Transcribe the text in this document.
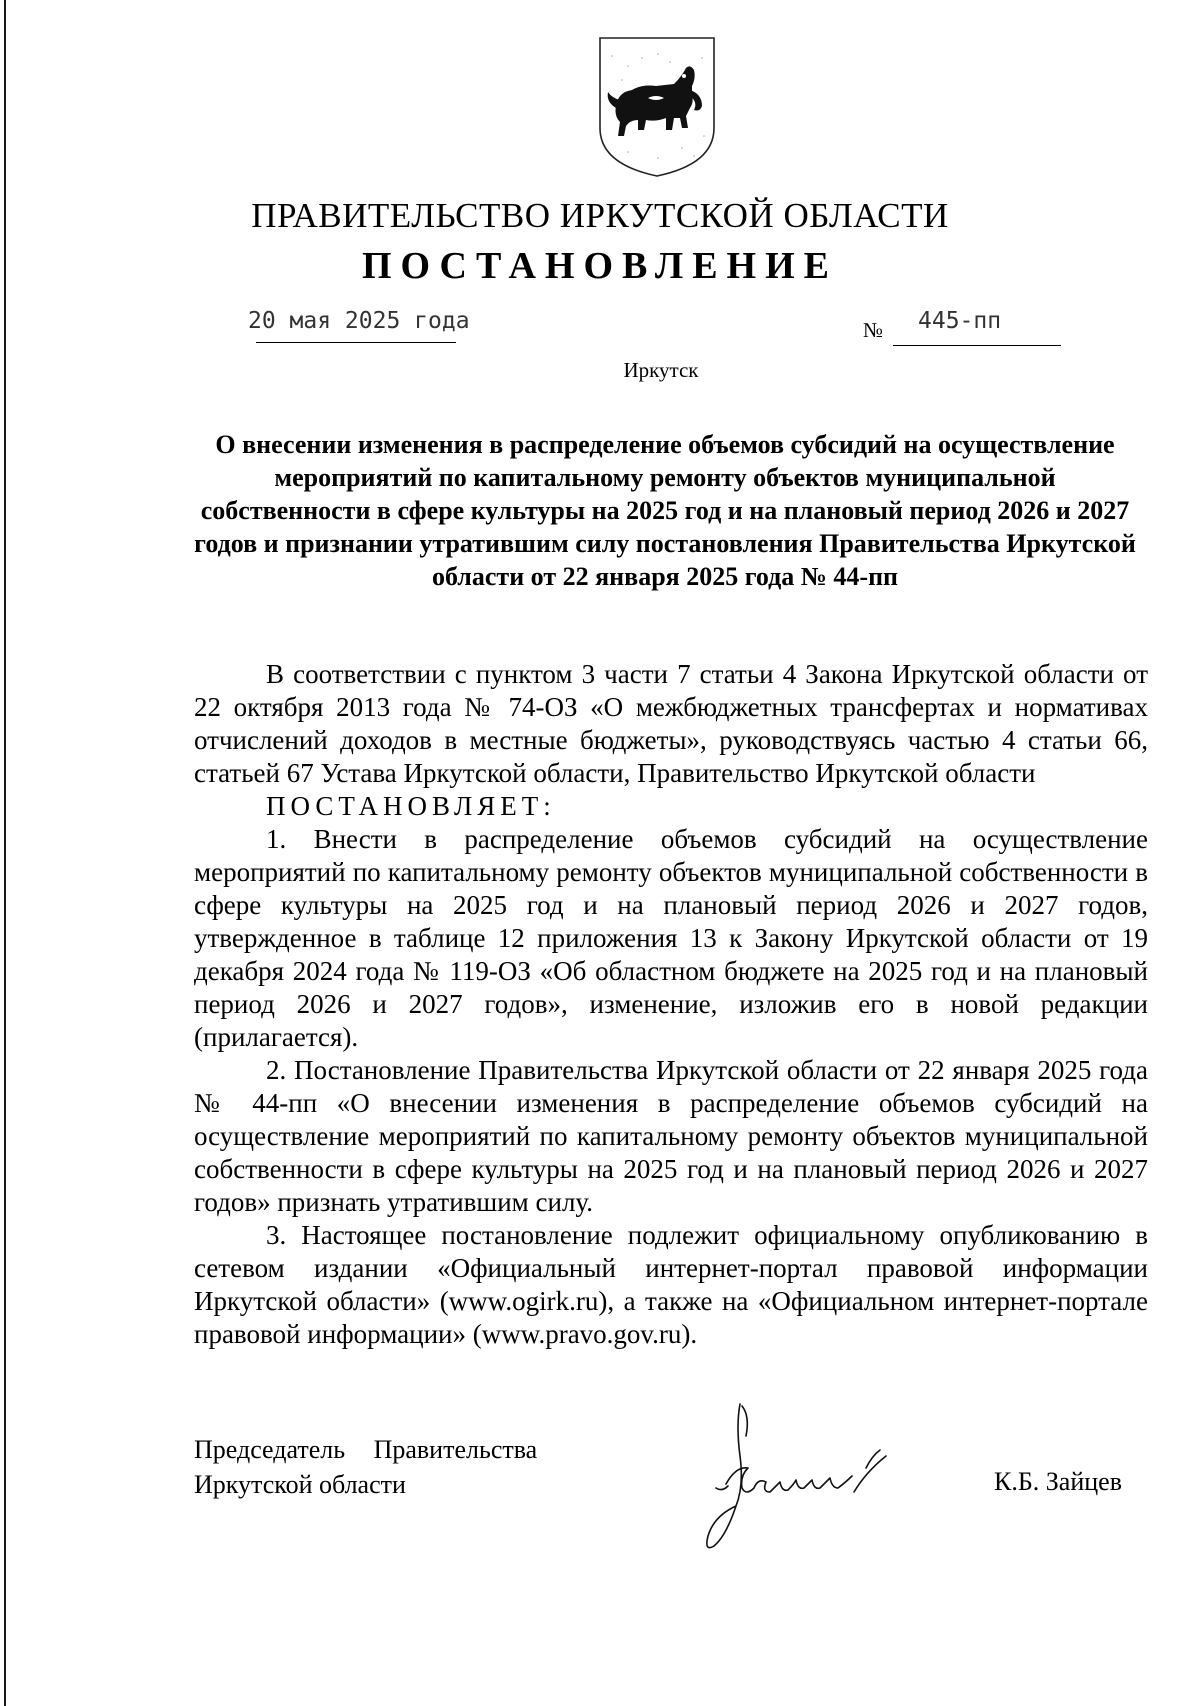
ПРАВИТЕЛЬСТВО ИРКУТСКОЙ ОБЛАСТИ
ПОСТАНОВЛЕНИЕ
20 мая 2025 года	№ 445-пп
Иркутск
О внесении изменения в распределение объемов субсидий на осуществление мероприятий по капитальному ремонту объектов муниципальной собственности в сфере культуры на 2025 год и на плановый период 2026 и 2027 годов и признании утратившим силу постановления Правительства Иркутской области от 22 января 2025 года № 44-пп

В соответствии с пунктом 3 части 7 статьи 4 Закона Иркутской области от 22 октября 2013 года № 74-ОЗ «О межбюджетных трансфертах и нормативах отчислений доходов в местные бюджеты», руководствуясь частью 4 статьи 66, статьей 67 Устава Иркутской области, Правительство Иркутской области

ПОСТАНОВЛЯЕТ:

1. Внести в распределение объемов субсидий на осуществление мероприятий по капитальному ремонту объектов муниципальной собственности в сфере культуры на 2025 год и на плановый период 2026 и 2027 годов, утвержденное в таблице 12 приложения 13 к Закону Иркутской области от 19 декабря 2024 года № 119-ОЗ «Об областном бюджете на 2025 год и на плановый период 2026 и 2027 годов», изменение, изложив его в новой редакции (прилагается).

2. Постановление Правительства Иркутской области от 22 января 2025 года № 44-пп «О внесении изменения в распределение объемов субсидий на осуществление мероприятий по капитальному ремонту объектов муниципальной собственности в сфере культуры на 2025 год и на плановый период 2026 и 2027 годов» признать утратившим силу.

3. Настоящее постановление подлежит официальному опубликованию в сетевом издании «Официальный интернет-портал правовой информации Иркутской области» (www.ogirk.ru), а также на «Официальном интернет-портале правовой информации» (www.pravo.gov.ru).

Председатель Правительства
Иркутской области	К.Б. Зайцев
